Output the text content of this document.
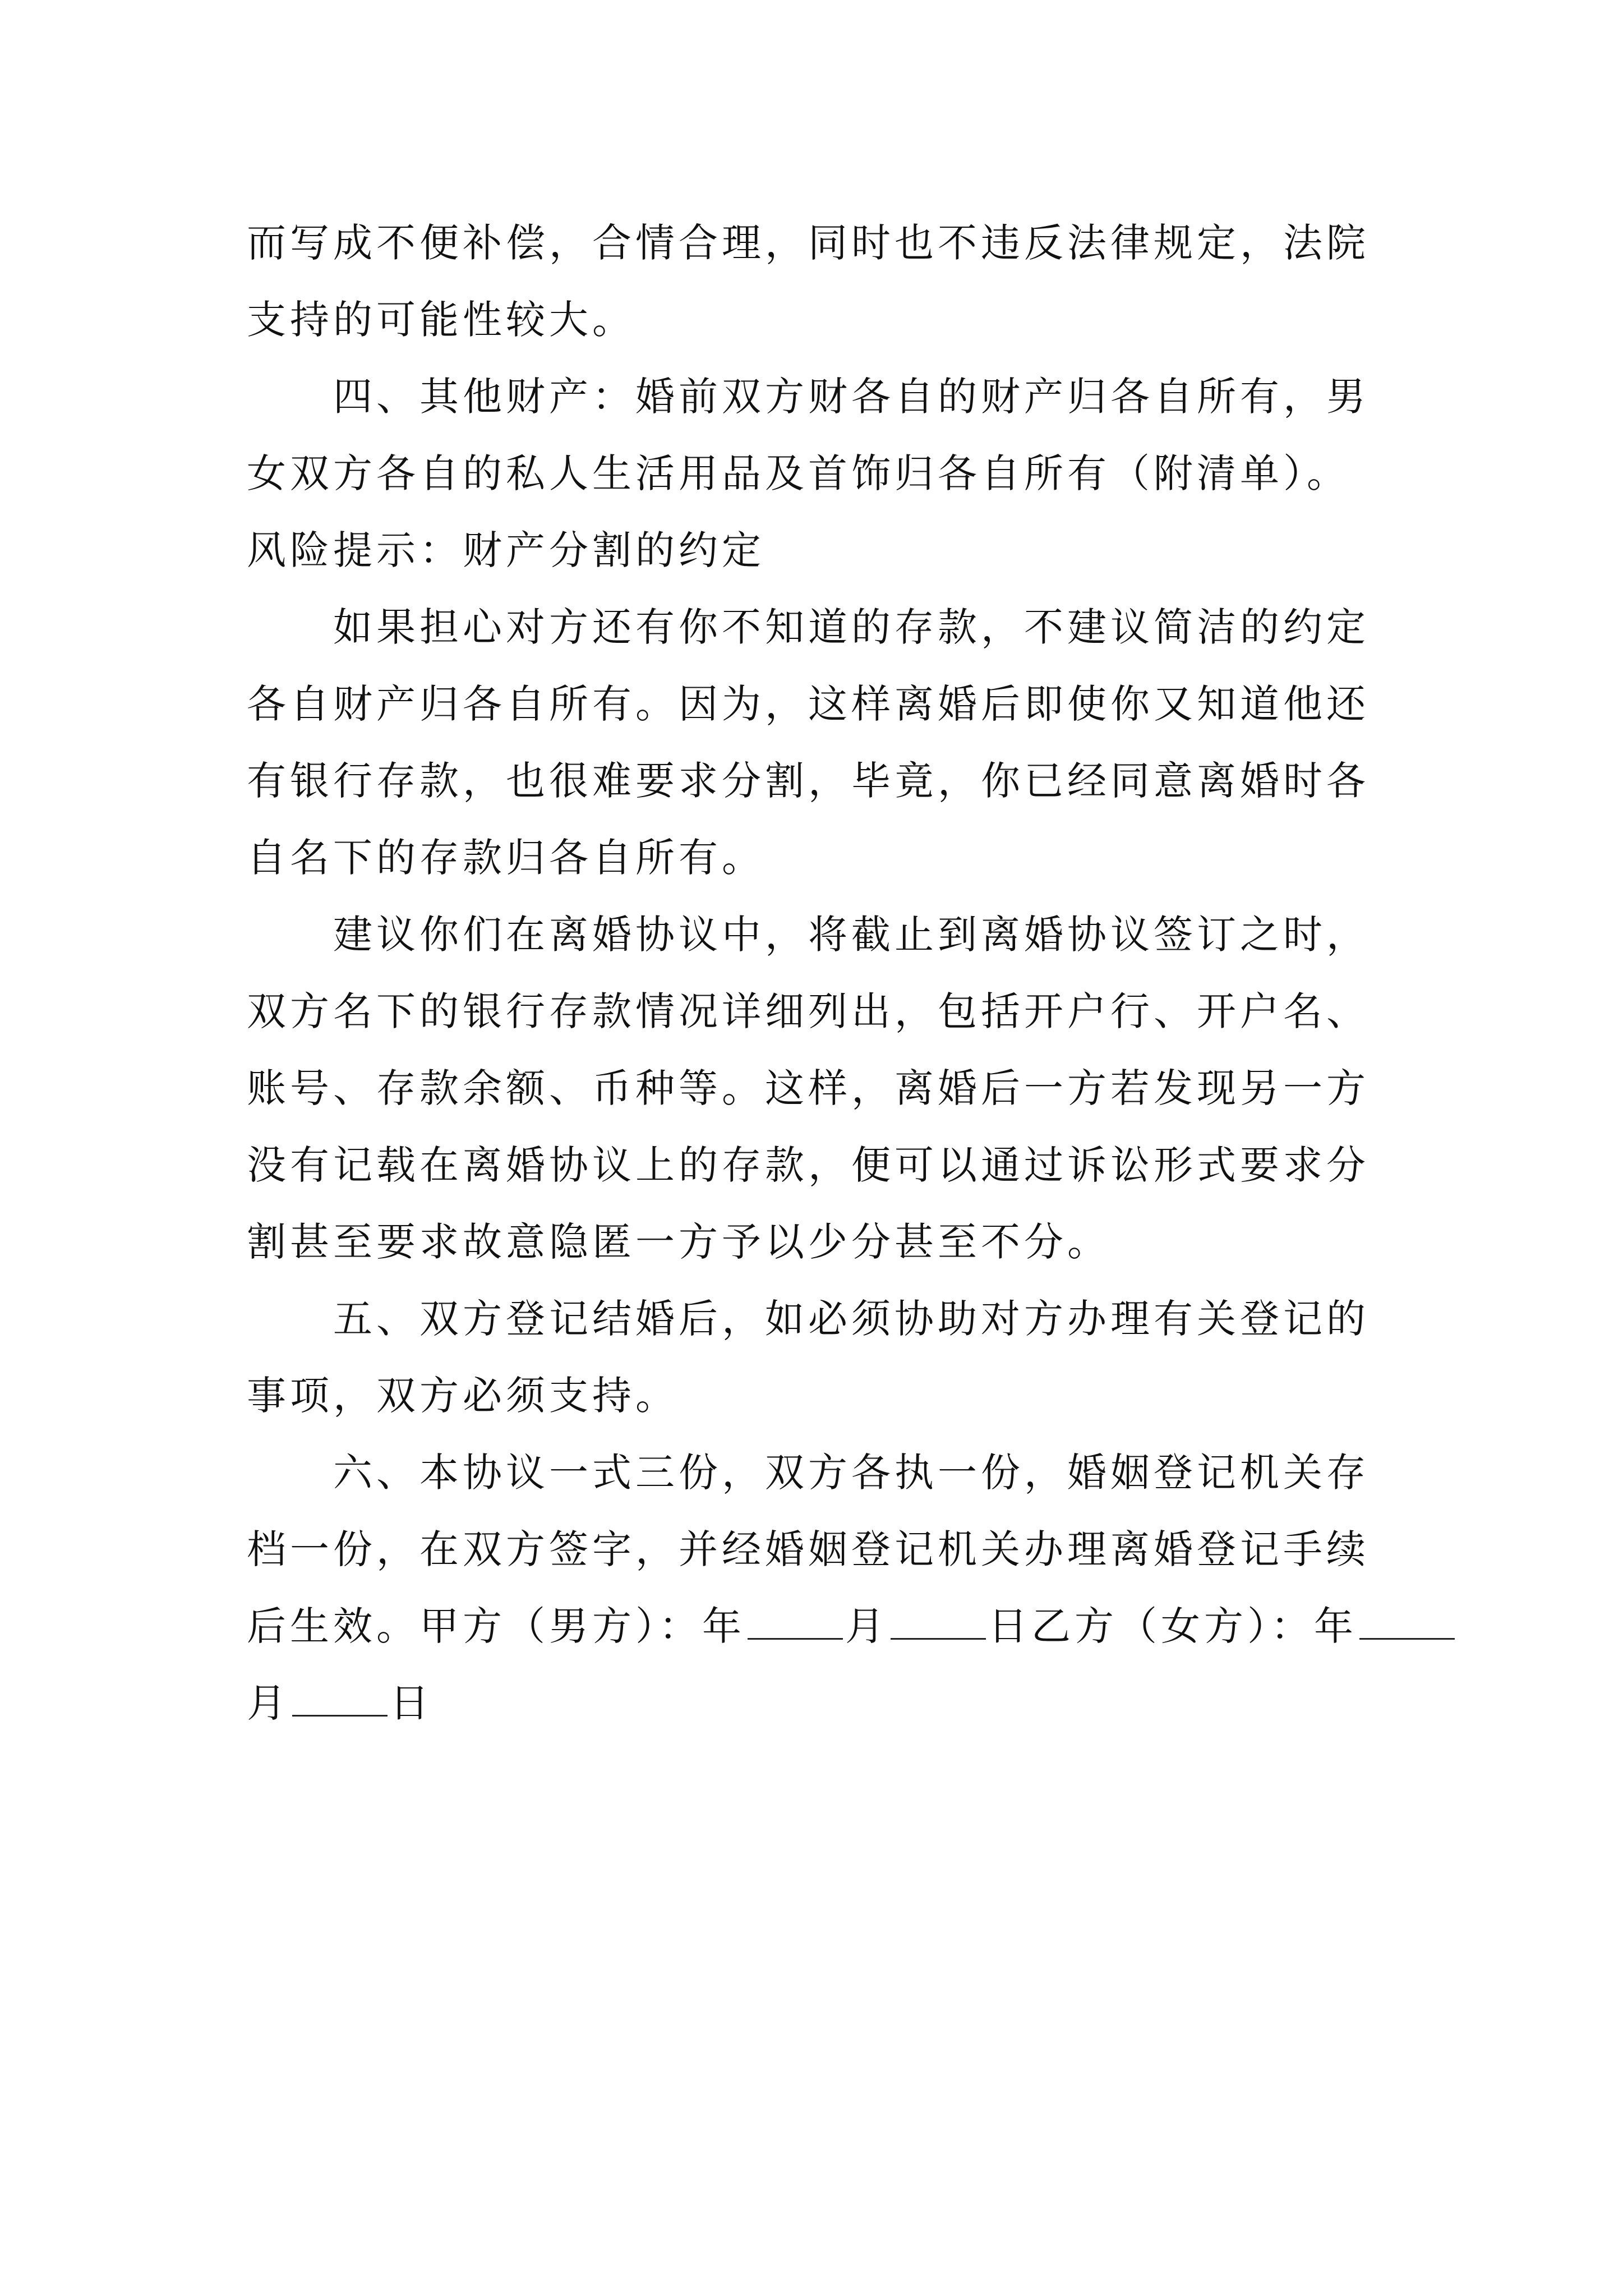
而写成不便补偿，合情合理，同时也不违反法律规定，法院
支持的可能性较大。
四、其他财产：婚前双方财各自的财产归各自所有，男
女双方各自的私人生活用品及首饰归各自所有（附清单）。
风险提示：财产分割的约定
如果担心对方还有你不知道的存款，不建议简洁的约定
各自财产归各自所有。因为，这样离婚后即使你又知道他还
有银行存款，也很难要求分割，毕竟，你已经同意离婚时各
自名下的存款归各自所有。
建议你们在离婚协议中，将截止到离婚协议签订之时，
双方名下的银行存款情况详细列出，包括开户行、开户名、
账号、存款余额、币种等。这样，离婚后一方若发现另一方
没有记载在离婚协议上的存款，便可以通过诉讼形式要求分
割甚至要求故意隐匿一方予以少分甚至不分。
五、双方登记结婚后，如必须协助对方办理有关登记的
事项，双方必须支持。
六、本协议一式三份，双方各执一份，婚姻登记机关存
档一份，在双方签字，并经婚姻登记机关办理离婚登记手续
后生效。甲方（男方）：年	月	日乙方（女方）：年
月	日
